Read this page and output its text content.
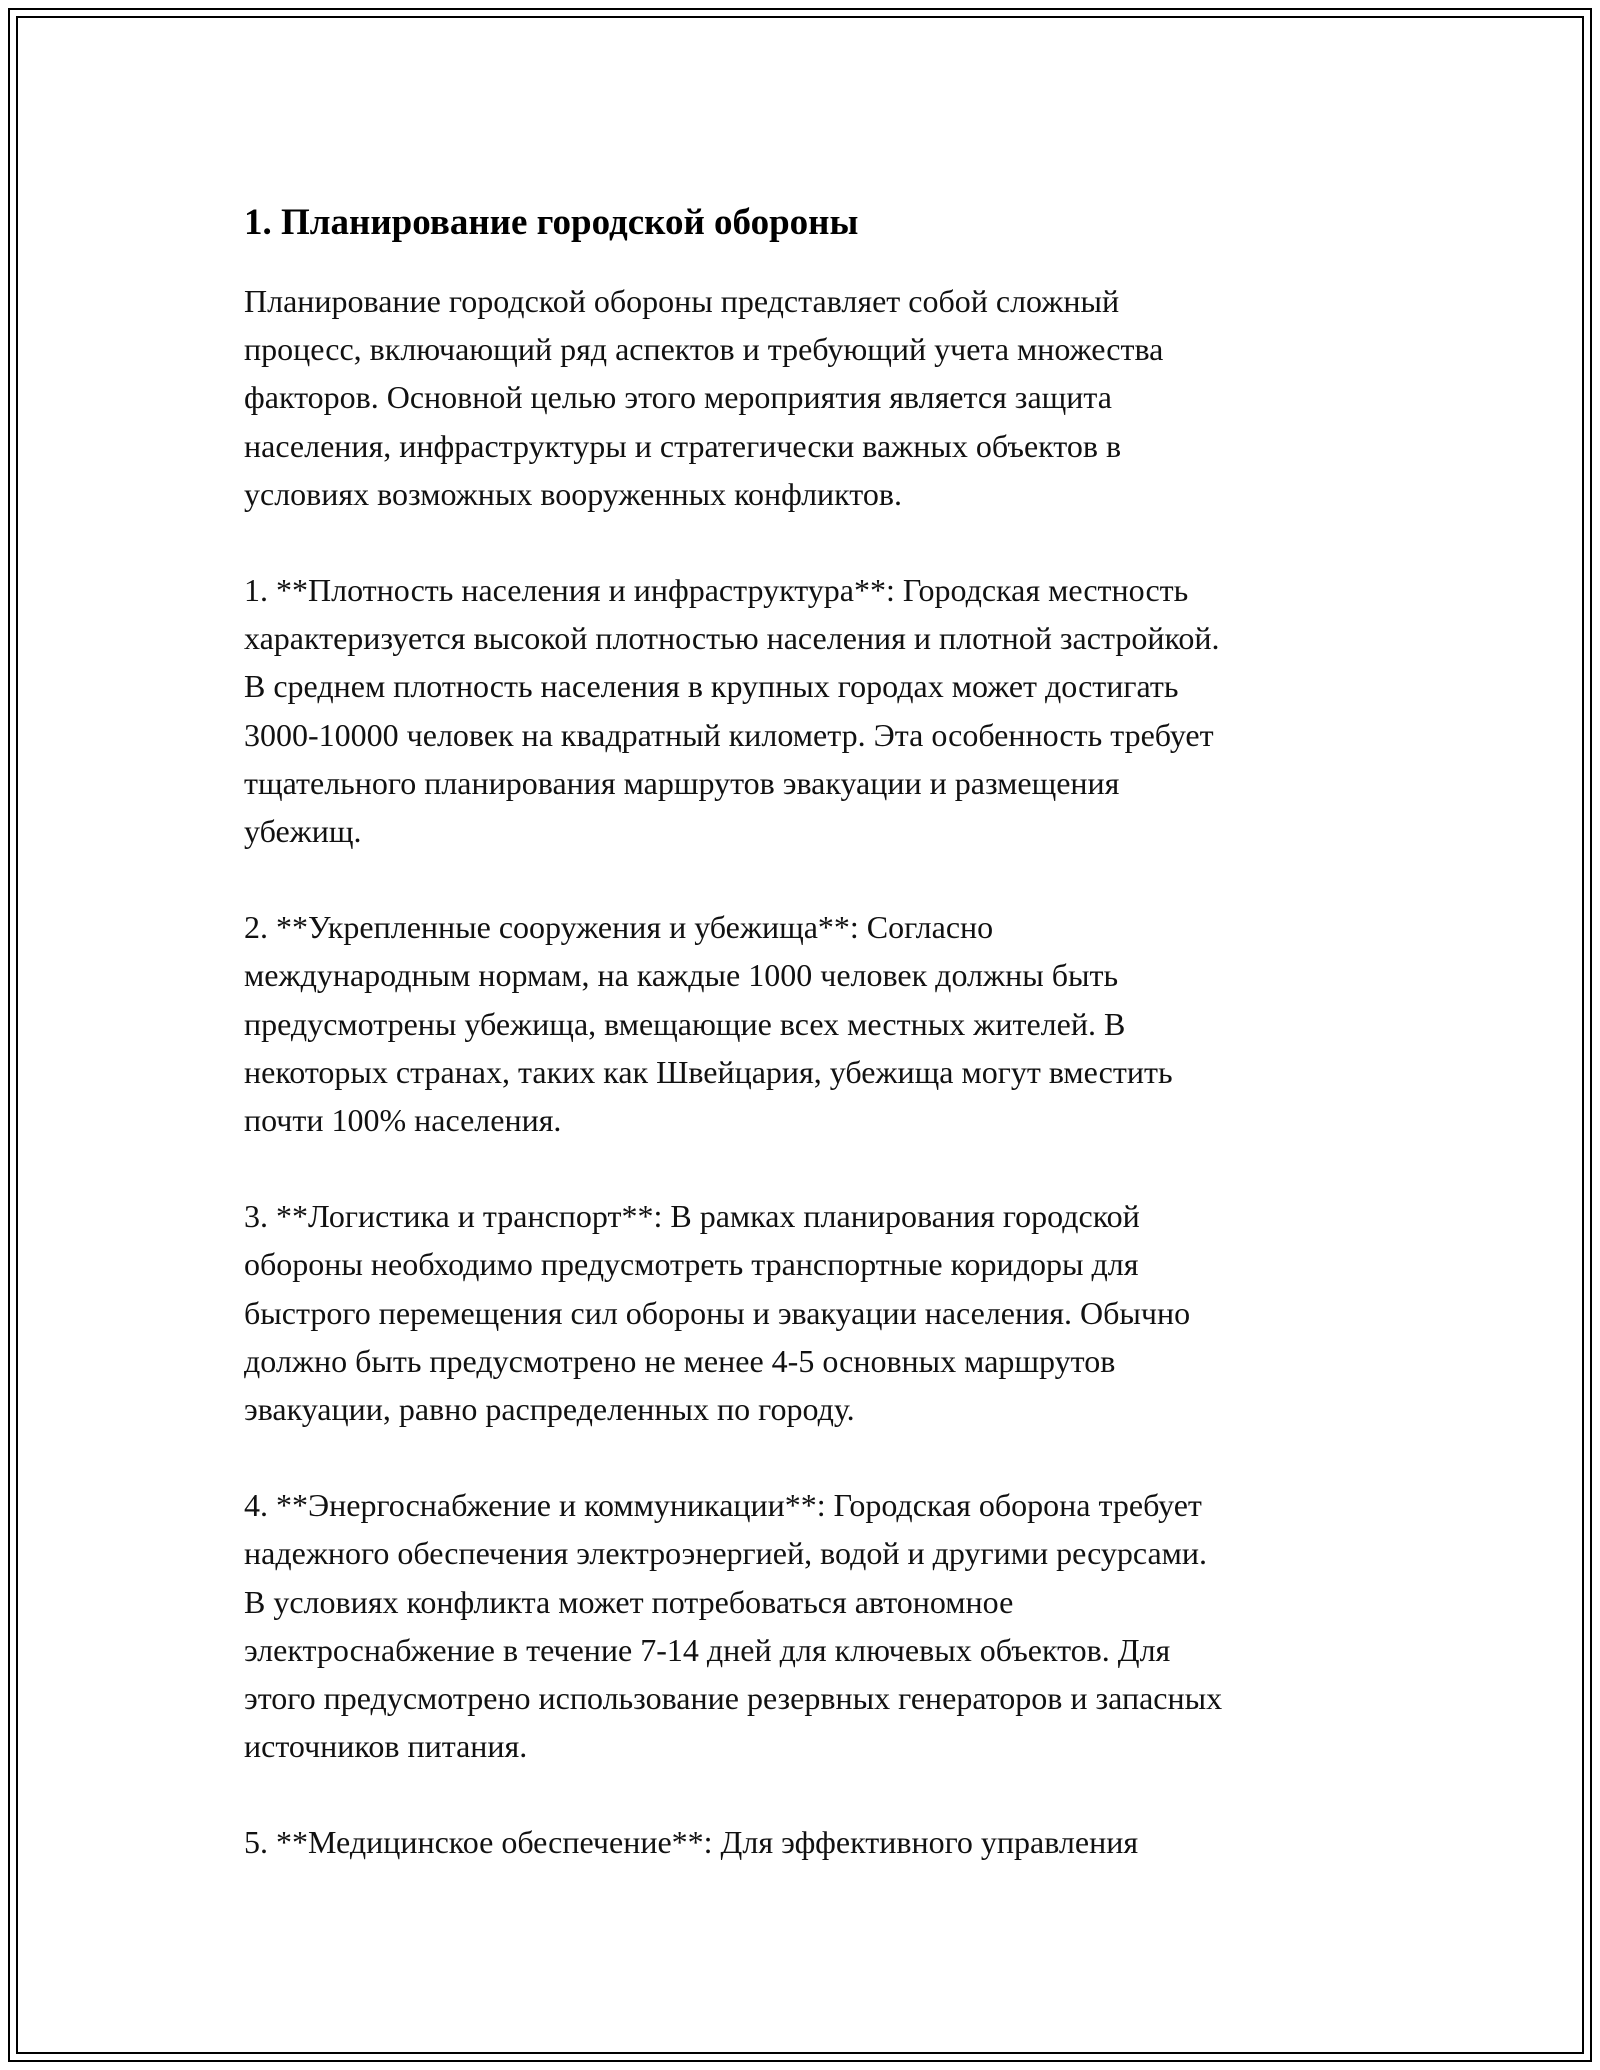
1. Планирование городской обороны

Планирование городской обороны представляет собой сложный
процесс, включающий ряд аспектов и требующий учета множества
факторов. Основной целью этого мероприятия является защита
населения, инфраструктуры и стратегически важных объектов в
условиях возможных вооруженных конфликтов.

1. **Плотность населения и инфраструктура**: Городская местность
характеризуется высокой плотностью населения и плотной застройкой.
В среднем плотность населения в крупных городах может достигать
3000-10000 человек на квадратный километр. Эта особенность требует
тщательного планирования маршрутов эвакуации и размещения
убежищ.

2. **Укрепленные сооружения и убежища**: Согласно
международным нормам, на каждые 1000 человек должны быть
предусмотрены убежища, вмещающие всех местных жителей. В
некоторых странах, таких как Швейцария, убежища могут вместить
почти 100% населения.

3. **Логистика и транспорт**: В рамках планирования городской
обороны необходимо предусмотреть транспортные коридоры для
быстрого перемещения сил обороны и эвакуации населения. Обычно
должно быть предусмотрено не менее 4-5 основных маршрутов
эвакуации, равно распределенных по городу.

4. **Энергоснабжение и коммуникации**: Городская оборона требует
надежного обеспечения электроэнергией, водой и другими ресурсами.
В условиях конфликта может потребоваться автономное
электроснабжение в течение 7-14 дней для ключевых объектов. Для
этого предусмотрено использование резервных генераторов и запасных
источников питания.

5. **Медицинское обеспечение**: Для эффективного управления
